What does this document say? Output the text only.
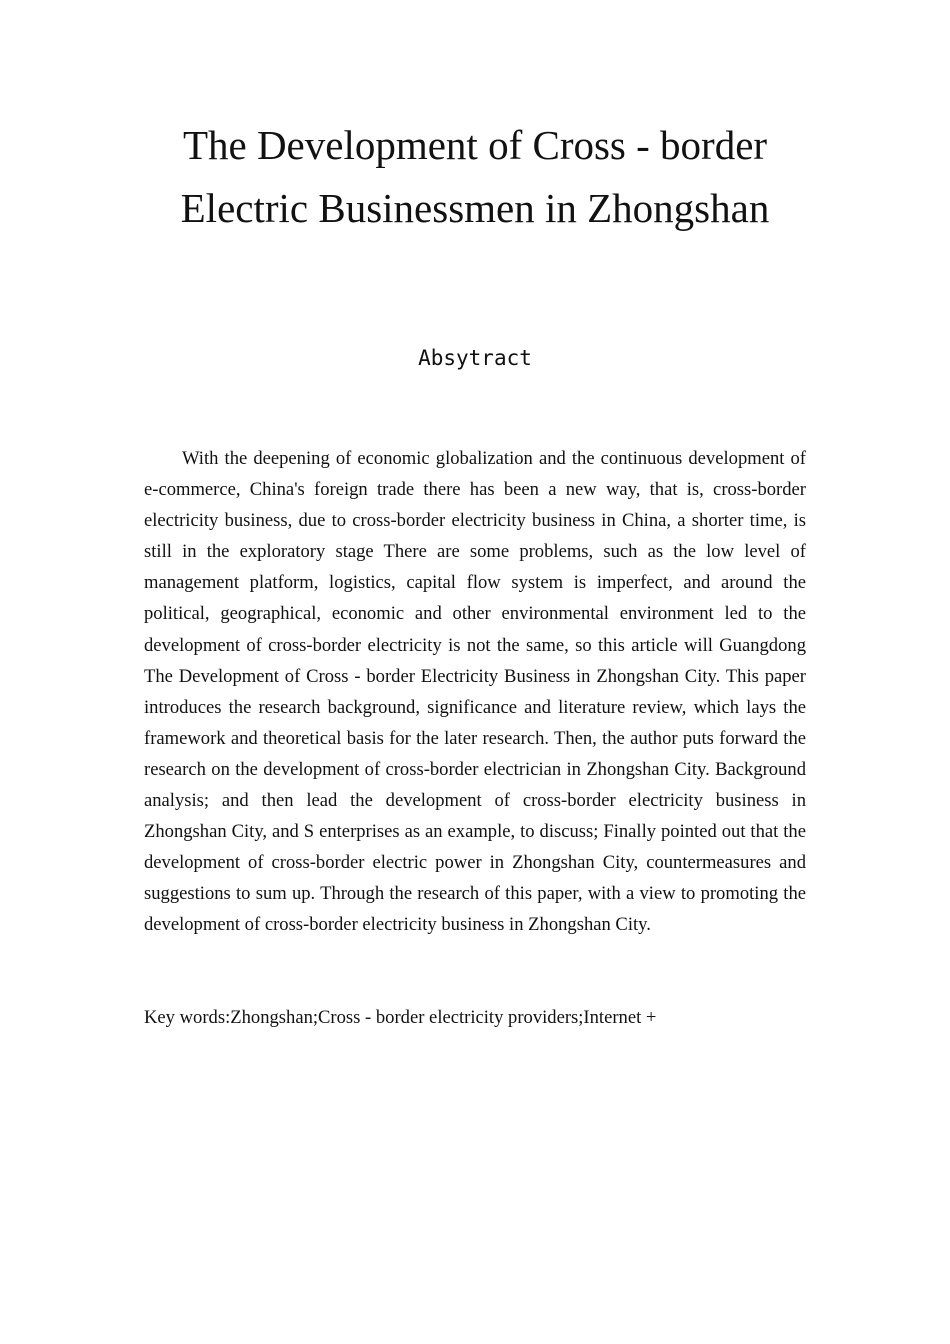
The Development of Cross - border
Electric Businessmen in Zhongshan
Absytract

With the deepening of economic globalization and the continuous development of e-commerce, China's foreign trade there has been a new way, that is, cross-border electricity business, due to cross-border electricity business in China, a shorter time, is still in the exploratory stage There are some problems, such as the low level of management platform, logistics, capital flow system is imperfect, and around the political, geographical, economic and other environmental environment led to the development of cross-border electricity is not the same, so this article will Guangdong The Development of Cross - border Electricity Business in Zhongshan City. This paper introduces the research background, significance and literature review, which lays the framework and theoretical basis for the later research. Then, the author puts forward the research on the development of cross-border electrician in Zhongshan City. Background analysis; and then lead the development of cross-border electricity business in Zhongshan City, and S enterprises as an example, to discuss; Finally pointed out that the development of cross-border electric power in Zhongshan City, countermeasures and suggestions to sum up. Through the research of this paper, with a view to promoting the development of cross-border electricity business in Zhongshan City.

Key words:Zhongshan;Cross - border electricity providers;Internet +
